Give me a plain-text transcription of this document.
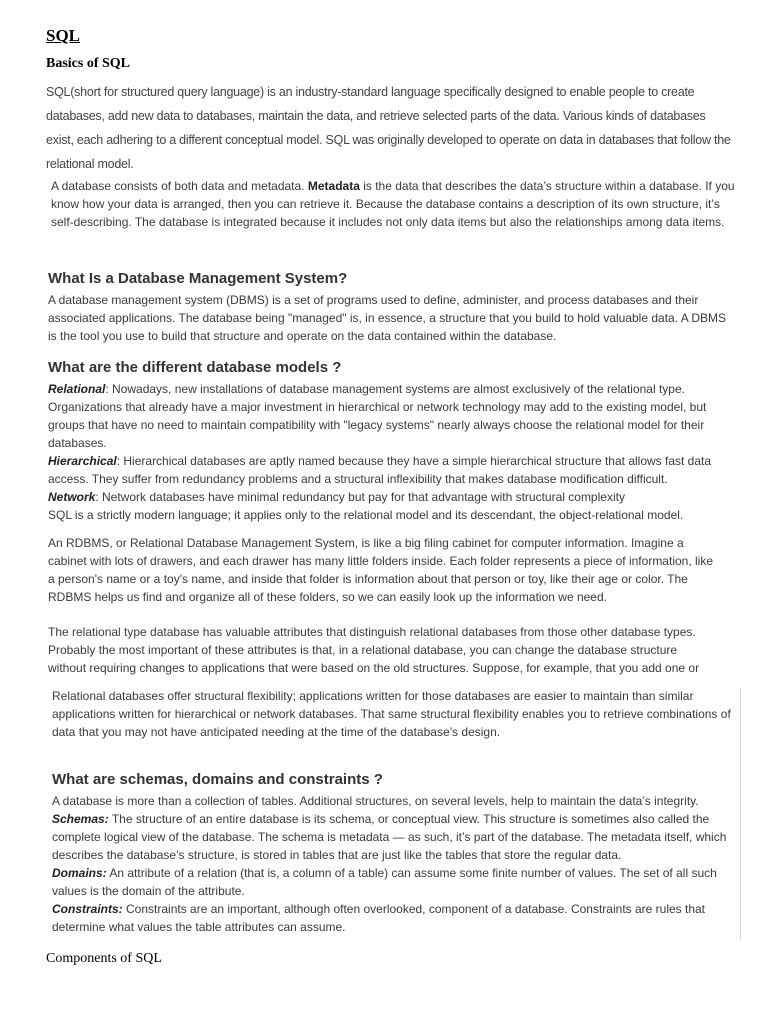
SQL
Basics of SQL
SQL(short for structured query language) is an industry-standard language specifically designed to enable people to create databases, add new data to databases, maintain the data, and retrieve selected parts of the data. Various kinds of databases exist, each adhering to a different conceptual model. SQL was originally developed to operate on data in databases that follow the relational model.
A database consists of both data and metadata. Metadata is the data that describes the data’s structure within a database. If you know how your data is arranged, then you can retrieve it. Because the database contains a description of its own structure, it’s self-describing. The database is integrated because it includes not only data items but also the relationships among data items.
What Is a Database Management System?
A database management system (DBMS) is a set of programs used to define, administer, and process databases and their associated applications. The database being "managed" is, in essence, a structure that you build to hold valuable data. A DBMS is the tool you use to build that structure and operate on the data contained within the database.
What are the different database models ?
Relational: Nowadays, new installations of database management systems are almost exclusively of the relational type. Organizations that already have a major investment in hierarchical or network technology may add to the existing model, but groups that have no need to maintain compatibility with "legacy systems" nearly always choose the relational model for their databases.
Hierarchical: Hierarchical databases are aptly named because they have a simple hierarchical structure that allows fast data access. They suffer from redundancy problems and a structural inflexibility that makes database modification difficult.
Network: Network databases have minimal redundancy but pay for that advantage with structural complexity
SQL is a strictly modern language; it applies only to the relational model and its descendant, the object-relational model.
An RDBMS, or Relational Database Management System, is like a big filing cabinet for computer information. Imagine a
cabinet with lots of drawers, and each drawer has many little folders inside. Each folder represents a piece of information, like
a person's name or a toy's name, and inside that folder is information about that person or toy, like their age or color. The
RDBMS helps us find and organize all of these folders, so we can easily look up the information we need.
The relational type database has valuable attributes that distinguish relational databases from those other database types.
Probably the most important of these attributes is that, in a relational database, you can change the database structure
without requiring changes to applications that were based on the old structures. Suppose, for example, that you add one or
Relational databases offer structural flexibility; applications written for those databases are easier to maintain than similar applications written for hierarchical or network databases. That same structural flexibility enables you to retrieve combinations of data that you may not have anticipated needing at the time of the database’s design.
What are schemas, domains and constraints ?
A database is more than a collection of tables. Additional structures, on several levels, help to maintain the data’s integrity.
Schemas: The structure of an entire database is its schema, or conceptual view. This structure is sometimes also called the complete logical view of the database. The schema is metadata — as such, it’s part of the database. The metadata itself, which describes the database’s structure, is stored in tables that are just like the tables that store the regular data.
Domains: An attribute of a relation (that is, a column of a table) can assume some finite number of values. The set of all such values is the domain of the attribute.
Constraints: Constraints are an important, although often overlooked, component of a database. Constraints are rules that determine what values the table attributes can assume.
Components of SQL
